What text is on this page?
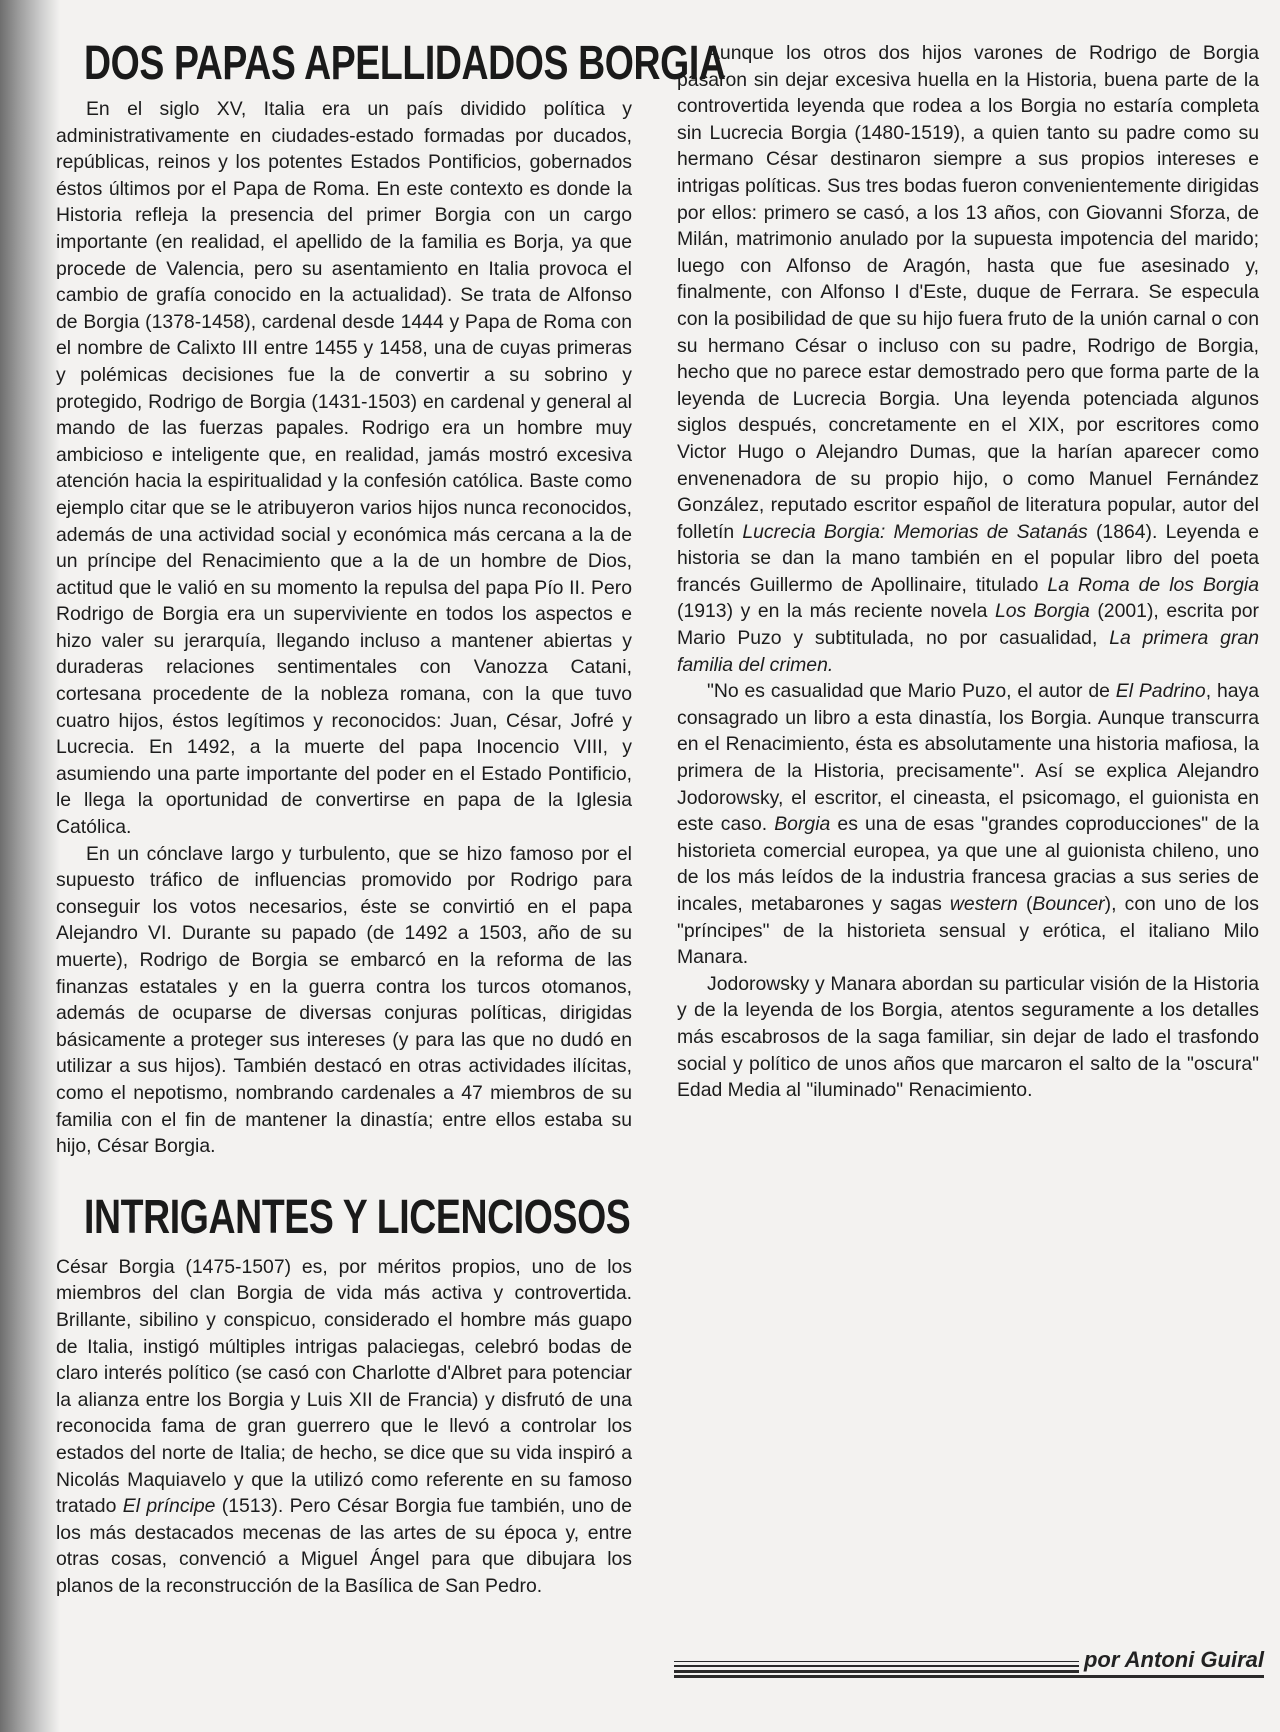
DOS PAPAS APELLIDADOS BORGIA

En el siglo XV, Italia era un país dividido política y administrativamente en ciudades-estado formadas por ducados, repúblicas, reinos y los potentes Estados Pontificios, gobernados éstos últimos por el Papa de Roma. En este contexto es donde la Historia refleja la presencia del primer Borgia con un cargo importante (en realidad, el apellido de la familia es Borja, ya que procede de Valencia, pero su asentamiento en Italia provoca el cambio de grafía conocido en la actualidad). Se trata de Alfonso de Borgia (1378-1458), cardenal desde 1444 y Papa de Roma con el nombre de Calixto III entre 1455 y 1458, una de cuyas primeras y polémicas decisiones fue la de convertir a su sobrino y protegido, Rodrigo de Borgia (1431-1503) en cardenal y general al mando de las fuerzas papales. Rodrigo era un hombre muy ambicioso e inteligente que, en realidad, jamás mostró excesiva atención hacia la espiritualidad y la confesión católica. Baste como ejemplo citar que se le atribuyeron varios hijos nunca reconocidos, además de una actividad social y económica más cercana a la de un príncipe del Renacimiento que a la de un hombre de Dios, actitud que le valió en su momento la repulsa del papa Pío II. Pero Rodrigo de Borgia era un superviviente en todos los aspectos e hizo valer su jerarquía, llegando incluso a mantener abiertas y duraderas relaciones sentimentales con Vanozza Catani, cortesana procedente de la nobleza romana, con la que tuvo cuatro hijos, éstos legítimos y reconocidos: Juan, César, Jofré y Lucrecia. En 1492, a la muerte del papa Inocencio VIII, y asumiendo una parte importante del poder en el Estado Pontificio, le llega la oportunidad de convertirse en papa de la Iglesia Católica.

En un cónclave largo y turbulento, que se hizo famoso por el supuesto tráfico de influencias promovido por Rodrigo para conseguir los votos necesarios, éste se convirtió en el papa Alejandro VI. Durante su papado (de 1492 a 1503, año de su muerte), Rodrigo de Borgia se embarcó en la reforma de las finanzas estatales y en la guerra contra los turcos otomanos, además de ocuparse de diversas conjuras políticas, dirigidas básicamente a proteger sus intereses (y para las que no dudó en utilizar a sus hijos). También destacó en otras actividades ilícitas, como el nepotismo, nombrando cardenales a 47 miembros de su familia con el fin de mantener la dinastía; entre ellos estaba su hijo, César Borgia.

INTRIGANTES Y LICENCIOSOS

César Borgia (1475-1507) es, por méritos propios, uno de los miembros del clan Borgia de vida más activa y controvertida. Brillante, sibilino y conspicuo, considerado el hombre más guapo de Italia, instigó múltiples intrigas palaciegas, celebró bodas de claro interés político (se casó con Charlotte d'Albret para potenciar la alianza entre los Borgia y Luis XII de Francia) y disfrutó de una reconocida fama de gran guerrero que le llevó a controlar los estados del norte de Italia; de hecho, se dice que su vida inspiró a Nicolás Maquiavelo y que la utilizó como referente en su famoso tratado El príncipe (1513). Pero César Borgia fue también, uno de los más destacados mecenas de las artes de su época y, entre otras cosas, convenció a Miguel Ángel para que dibujara los planos de la reconstrucción de la Basílica de San Pedro.

Aunque los otros dos hijos varones de Rodrigo de Borgia pasaron sin dejar excesiva huella en la Historia, buena parte de la controvertida leyenda que rodea a los Borgia no estaría completa sin Lucrecia Borgia (1480-1519), a quien tanto su padre como su hermano César destinaron siempre a sus propios intereses e intrigas políticas. Sus tres bodas fueron convenientemente dirigidas por ellos: primero se casó, a los 13 años, con Giovanni Sforza, de Milán, matrimonio anulado por la supuesta impotencia del marido; luego con Alfonso de Aragón, hasta que fue asesinado y, finalmente, con Alfonso I d'Este, duque de Ferrara. Se especula con la posibilidad de que su hijo fuera fruto de la unión carnal o con su hermano César o incluso con su padre, Rodrigo de Borgia, hecho que no parece estar demostrado pero que forma parte de la leyenda de Lucrecia Borgia. Una leyenda potenciada algunos siglos después, concretamente en el XIX, por escritores como Victor Hugo o Alejandro Dumas, que la harían aparecer como envenenadora de su propio hijo, o como Manuel Fernández González, reputado escritor español de literatura popular, autor del folletín Lucrecia Borgia: Memorias de Satanás (1864). Leyenda e historia se dan la mano también en el popular libro del poeta francés Guillermo de Apollinaire, titulado La Roma de los Borgia (1913) y en la más reciente novela Los Borgia (2001), escrita por Mario Puzo y subtitulada, no por casualidad, La primera gran familia del crimen.

"No es casualidad que Mario Puzo, el autor de El Padrino, haya consagrado un libro a esta dinastía, los Borgia. Aunque transcurra en el Renacimiento, ésta es absolutamente una historia mafiosa, la primera de la Historia, precisamente". Así se explica Alejandro Jodorowsky, el escritor, el cineasta, el psicomago, el guionista en este caso. Borgia es una de esas "grandes coproducciones" de la historieta comercial europea, ya que une al guionista chileno, uno de los más leídos de la industria francesa gracias a sus series de incales, metabarones y sagas western (Bouncer), con uno de los "príncipes" de la historieta sensual y erótica, el italiano Milo Manara.

Jodorowsky y Manara abordan su particular visión de la Historia y de la leyenda de los Borgia, atentos seguramente a los detalles más escabrosos de la saga familiar, sin dejar de lado el trasfondo social y político de unos años que marcaron el salto de la "oscura" Edad Media al "iluminado" Renacimiento.

por Antoni Guiral
